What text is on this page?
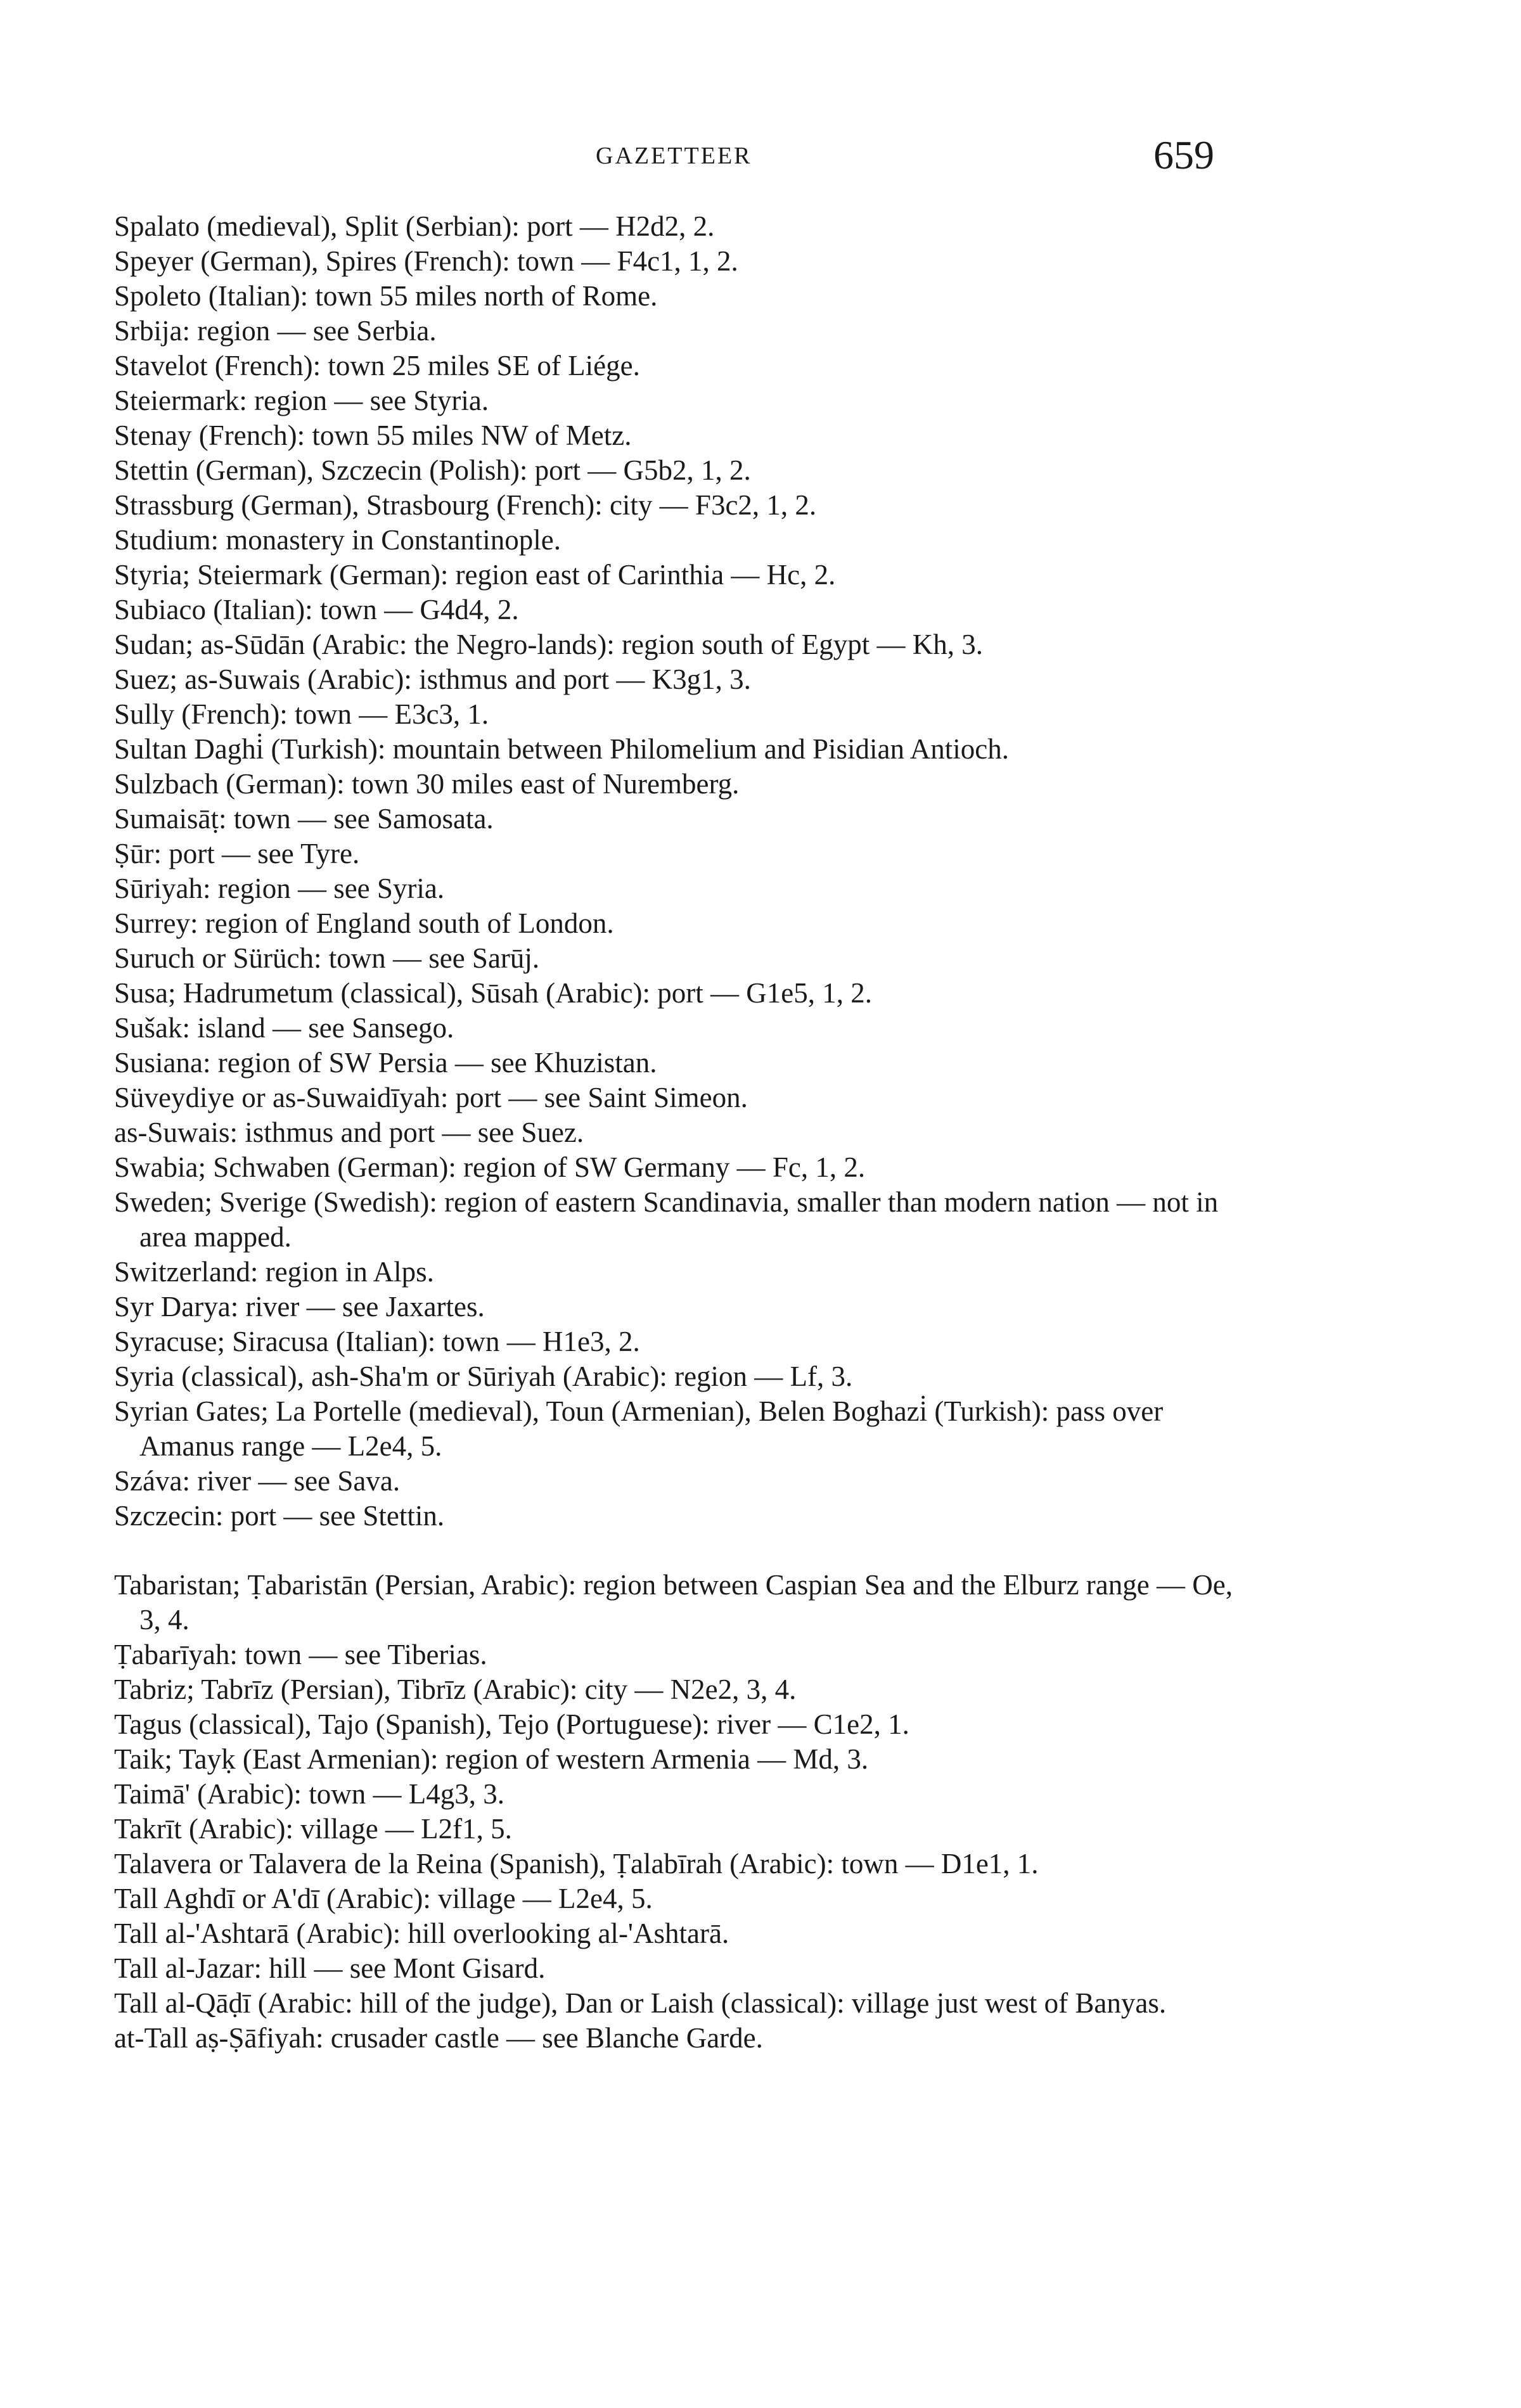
GAZETTEER	659
Spalato (medieval), Split (Serbian): port — H2d2, 2.
Speyer (German), Spires (French): town — F4c1, 1, 2.
Spoleto (Italian): town 55 miles north of Rome.
Srbija: region — see Serbia.
Stavelot (French): town 25 miles SE of Liége.
Steiermark: region — see Styria.
Stenay (French): town 55 miles NW of Metz.
Stettin (German), Szczecin (Polish): port — G5b2, 1, 2.
Strassburg (German), Strasbourg (French): city — F3c2, 1, 2.
Studium: monastery in Constantinople.
Styria; Steiermark (German): region east of Carinthia — Hc, 2.
Subiaco (Italian): town — G4d4, 2.
Sudan; as-Sūdān (Arabic: the Negro-lands): region south of Egypt — Kh, 3.
Suez; as-Suwais (Arabic): isthmus and port — K3g1, 3.
Sully (French): town — E3c3, 1.
Sultan Daghi̇ (Turkish): mountain between Philomelium and Pisidian Antioch.
Sulzbach (German): town 30 miles east of Nuremberg.
Sumaisāṭ: town — see Samosata.
Ṣūr: port — see Tyre.
Sūriyah: region — see Syria.
Surrey: region of England south of London.
Suruch or Sürüch: town — see Sarūj.
Susa; Hadrumetum (classical), Sūsah (Arabic): port — G1e5, 1, 2.
Sušak: island — see Sansego.
Susiana: region of SW Persia — see Khuzistan.
Süveydiye or as-Suwaidīyah: port — see Saint Simeon.
as-Suwais: isthmus and port — see Suez.
Swabia; Schwaben (German): region of SW Germany — Fc, 1, 2.
Sweden; Sverige (Swedish): region of eastern Scandinavia, smaller than modern nation — not in area mapped.
Switzerland: region in Alps.
Syr Darya: river — see Jaxartes.
Syracuse; Siracusa (Italian): town — H1e3, 2.
Syria (classical), ash-Sha'm or Sūriyah (Arabic): region — Lf, 3.
Syrian Gates; La Portelle (medieval), Toun (Armenian), Belen Boghazi̇ (Turkish): pass over Amanus range — L2e4, 5.
Száva: river — see Sava.
Szczecin: port — see Stettin.
Tabaristan; Ṭabaristān (Persian, Arabic): region between Caspian Sea and the Elburz range — Oe, 3, 4.
Ṭabarīyah: town — see Tiberias.
Tabriz; Tabrīz (Persian), Tibrīz (Arabic): city — N2e2, 3, 4.
Tagus (classical), Tajo (Spanish), Tejo (Portuguese): river — C1e2, 1.
Taik; Tayḳ (East Armenian): region of western Armenia — Md, 3.
Taimā' (Arabic): town — L4g3, 3.
Takrīt (Arabic): village — L2f1, 5.
Talavera or Talavera de la Reina (Spanish), Ṭalabīrah (Arabic): town — D1e1, 1.
Tall Aghdī or A'dī (Arabic): village — L2e4, 5.
Tall al-'Ashtarā (Arabic): hill overlooking al-'Ashtarā.
Tall al-Jazar: hill — see Mont Gisard.
Tall al-Qāḍī (Arabic: hill of the judge), Dan or Laish (classical): village just west of Banyas.
at-Tall aṣ-Ṣāfiyah: crusader castle — see Blanche Garde.
